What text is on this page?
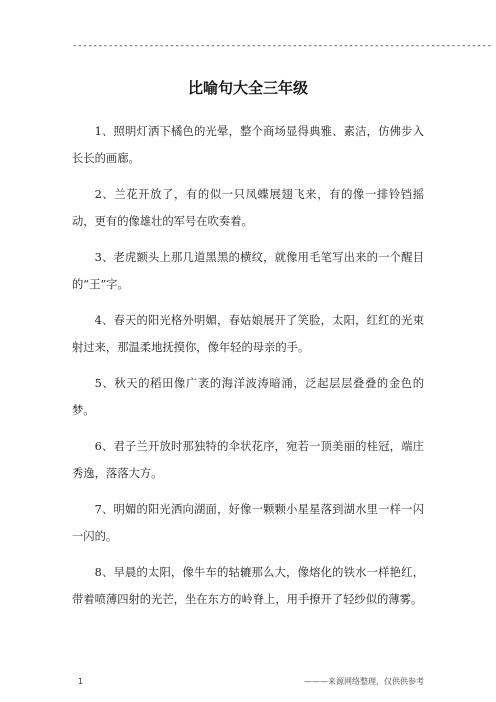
----------------------------------------------------------------------------------
比喻句大全三年级

1、照明灯洒下橘色的光晕，整个商场显得典雅、素洁，仿佛步入长长的画廊。

2、兰花开放了，有的似一只凤蝶展翅飞来，有的像一排铃铛摇动，更有的像雄壮的军号在吹奏着。

3、老虎额头上那几道黑黑的横纹，就像用毛笔写出来的一个醒目的“王”字。

4、春天的阳光格外明媚，春姑娘展开了笑脸，太阳，红红的光束射过来，那温柔地抚摸你，像年轻的母亲的手。

5、秋天的稻田像广袤的海洋波涛暗涌，泛起层层叠叠的金色的梦。

6、君子兰开放时那独特的伞状花序，宛若一顶美丽的桂冠，端庄秀逸，落落大方。

7、明媚的阳光洒向湖面，好像一颗颗小星星落到湖水里一样一闪一闪的。

8、早晨的太阳，像牛车的轱辘那么大，像熔化的铁水一样艳红，带着喷薄四射的光芒，坐在东方的岭脊上，用手撩开了轻纱似的薄雾。

1	———来源网络整理，仅供供参考
